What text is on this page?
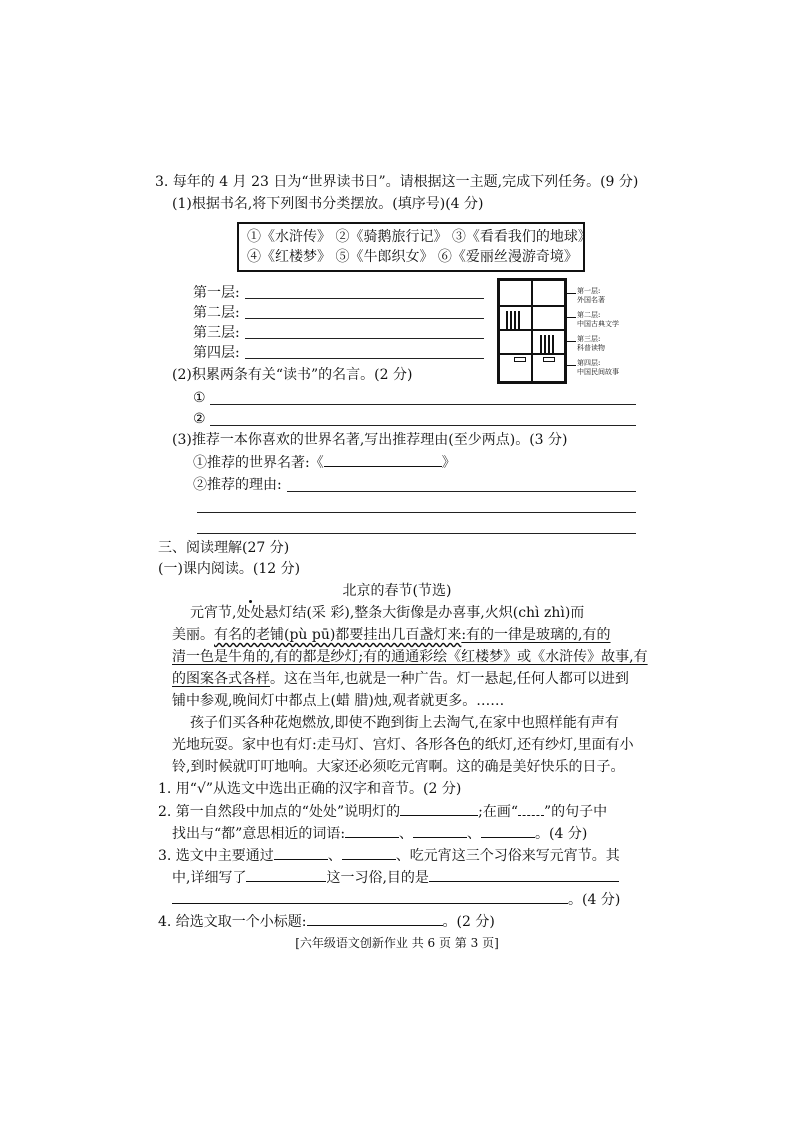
3. 每年的 4 月 23 日为“世界读书日”。请根据这一主题,完成下列任务。(9 分)
(1)根据书名,将下列图书分类摆放。(填序号)(4 分)
①《水浒传》 ②《骑鹅旅行记》 ③《看看我们的地球》
④《红楼梦》 ⑤《牛郎织女》 ⑥《爱丽丝漫游奇境》
第一层:
第二层:
第三层:
第四层:
第一层:
外国名著
第二层:
中国古典文学
第三层:
科普读物
第四层:
中国民间故事
(2)积累两条有关“读书”的名言。(2 分)
①
②
(3)推荐一本你喜欢的世界名著,写出推荐理由(至少两点)。(3 分)
①推荐的世界名著:《	》
②推荐的理由:
三、阅读理解(27 分)
(一)课内阅读。(12 分)
北京的春节(节选)
元宵节,处处悬灯结(采 彩),整条大街像是办喜事,火炽(chì zhì)而
美丽。有名的老铺(pù pū)都要挂出几百盏灯来:有的一律是玻璃的,有的
清一色是牛角的,有的都是纱灯;有的通通彩绘《红楼梦》或《水浒传》故事,有
的图案各式各样。这在当年,也就是一种广告。灯一悬起,任何人都可以进到
铺中参观,晚间灯中都点上(蜡 腊)烛,观者就更多。……
孩子们买各种花炮燃放,即使不跑到街上去淘气,在家中也照样能有声有
光地玩耍。家中也有灯:走马灯、宫灯、各形各色的纸灯,还有纱灯,里面有小
铃,到时候就叮叮地响。大家还必须吃元宵啊。这的确是美好快乐的日子。
1. 用“√”从选文中选出正确的汉字和音节。(2 分)
2. 第一自然段中加点的“处处”说明灯的	;在画“ ”的句子中
找出与“都”意思相近的词语:	、	、	。(4 分)
3. 选文中主要通过	、	、吃元宵这三个习俗来写元宵节。其
中,详细写了	这一习俗,目的是
。(4 分)
4. 给选文取一个小标题:	。(2 分)
[六年级语文创新作业 共 6 页 第 3 页]
